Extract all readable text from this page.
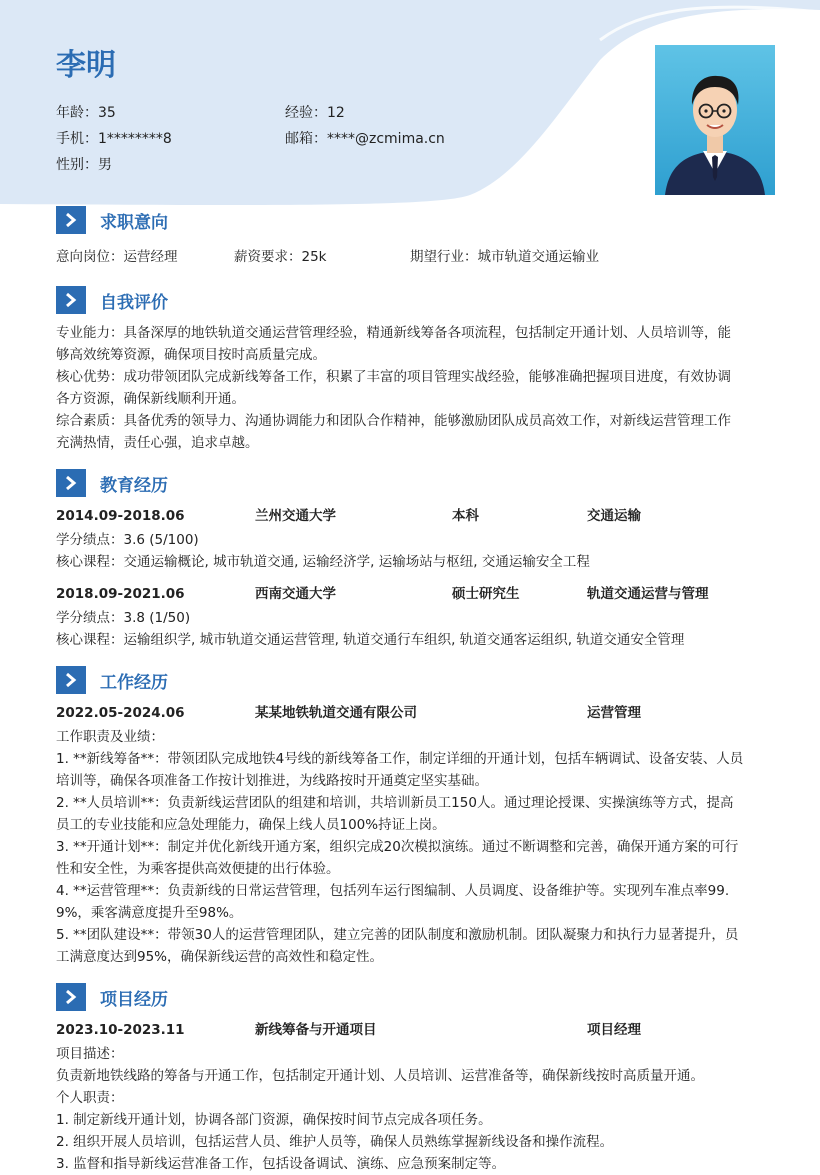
李明
年龄：35	经验：12
手机：1********8	邮箱：****@zcmima.cn
性别：男
求职意向
意向岗位：运营经理	薪资要求：25k	期望行业：城市轨道交通运输业
自我评价
专业能力：具备深厚的地铁轨道交通运营管理经验，精通新线筹备各项流程，包括制定开通计划、人员培训等，能
够高效统筹资源，确保项目按时高质量完成。
核心优势：成功带领团队完成新线筹备工作，积累了丰富的项目管理实战经验，能够准确把握项目进度，有效协调
各方资源，确保新线顺利开通。
综合素质：具备优秀的领导力、沟通协调能力和团队合作精神，能够激励团队成员高效工作，对新线运营管理工作
充满热情，责任心强，追求卓越。
教育经历
2014.09-2018.06	兰州交通大学	本科	交通运输
学分绩点：3.6 (5/100)
核心课程：交通运输概论, 城市轨道交通, 运输经济学, 运输场站与枢纽, 交通运输安全工程
2018.09-2021.06	西南交通大学	硕士研究生	轨道交通运营与管理
学分绩点：3.8 (1/50)
核心课程：运输组织学, 城市轨道交通运营管理, 轨道交通行车组织, 轨道交通客运组织, 轨道交通安全管理
工作经历
2022.05-2024.06	某某地铁轨道交通有限公司	运营管理
工作职责及业绩：
1. **新线筹备**：带领团队完成地铁4号线的新线筹备工作，制定详细的开通计划，包括车辆调试、设备安装、人员
培训等，确保各项准备工作按计划推进，为线路按时开通奠定坚实基础。
2. **人员培训**：负责新线运营团队的组建和培训，共培训新员工150人。通过理论授课、实操演练等方式，提高
员工的专业技能和应急处理能力，确保上线人员100%持证上岗。
3. **开通计划**：制定并优化新线开通方案，组织完成20次模拟演练。通过不断调整和完善，确保开通方案的可行
性和安全性，为乘客提供高效便捷的出行体验。
4. **运营管理**：负责新线的日常运营管理，包括列车运行图编制、人员调度、设备维护等。实现列车准点率99.
9%，乘客满意度提升至98%。
5. **团队建设**：带领30人的运营管理团队，建立完善的团队制度和激励机制。团队凝聚力和执行力显著提升，员
工满意度达到95%，确保新线运营的高效性和稳定性。
项目经历
2023.10-2023.11	新线筹备与开通项目	项目经理
项目描述：
负责新地铁线路的筹备与开通工作，包括制定开通计划、人员培训、运营准备等，确保新线按时高质量开通。
个人职责：
1. 制定新线开通计划，协调各部门资源，确保按时间节点完成各项任务。
2. 组织开展人员培训，包括运营人员、维护人员等，确保人员熟练掌握新线设备和操作流程。
3. 监督和指导新线运营准备工作，包括设备调试、演练、应急预案制定等。
